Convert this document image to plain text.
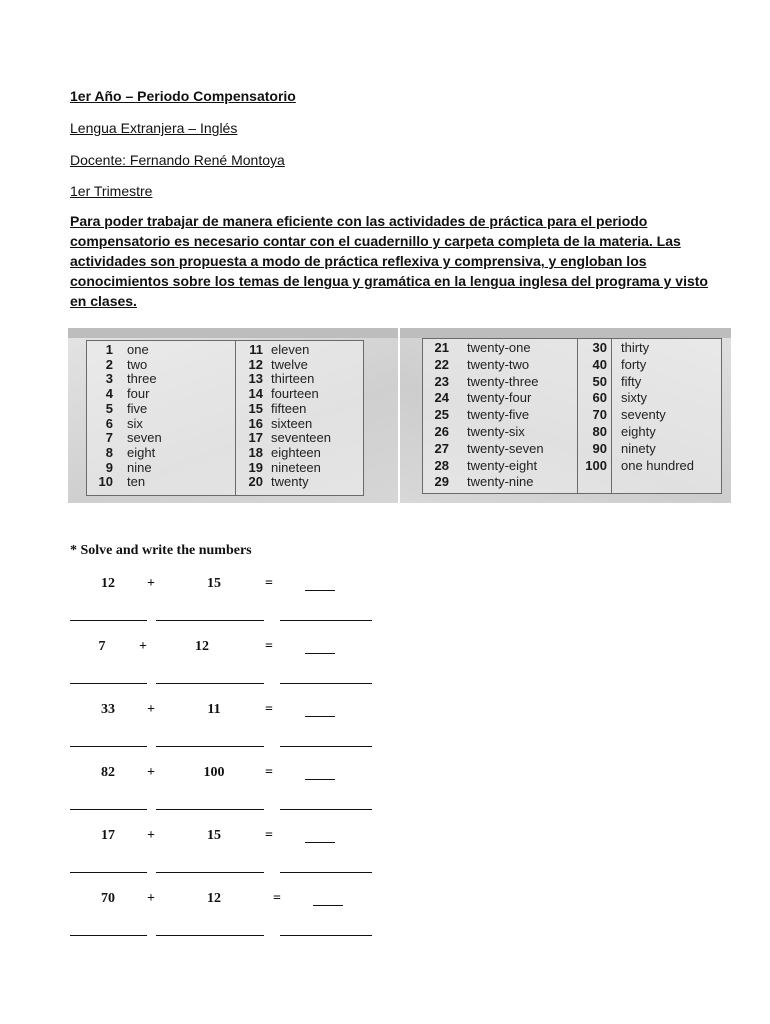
1er Año – Periodo Compensatorio
Lengua Extranjera – Inglés
Docente: Fernando René Montoya
1er Trimestre

Para poder trabajar de manera eficiente con las actividades de práctica para el periodo compensatorio es necesario contar con el cuadernillo y carpeta completa de la materia. Las actividades son propuesta a modo de práctica reflexiva y comprensiva, y engloban los conocimientos sobre los temas de lengua y gramática en la lengua inglesa del programa y visto en clases.

1 one
2 two
3 three
4 four
5 five
6 six
7 seven
8 eight
9 nine
10 ten
11 eleven
12 twelve
13 thirteen
14 fourteen
15 fifteen
16 sixteen
17 seventeen
18 eighteen
19 nineteen
20 twenty
21 twenty-one
22 twenty-two
23 twenty-three
24 twenty-four
25 twenty-five
26 twenty-six
27 twenty-seven
28 twenty-eight
29 twenty-nine
30 thirty
40 forty
50 fifty
60 sixty
70 seventy
80 eighty
90 ninety
100 one hundred
* Solve and write the numbers
12	+	15	=
7	+	12	=
33	+	11	=
82	+	100	=
17	+	15	=
70	+	12	=
